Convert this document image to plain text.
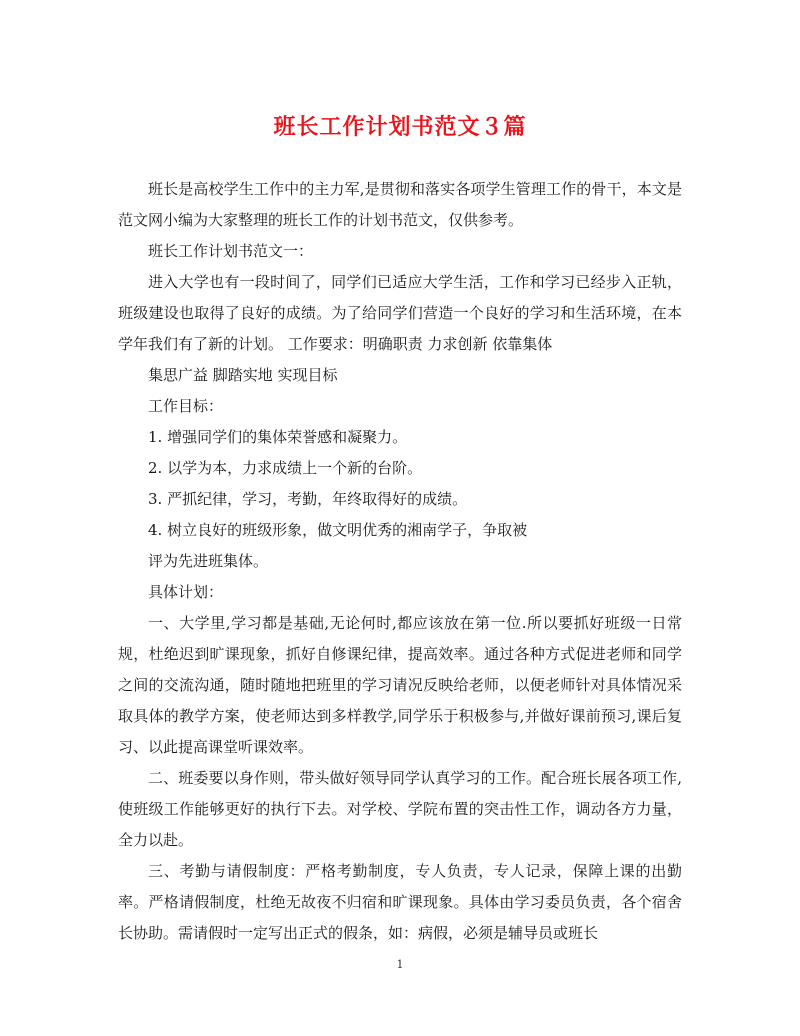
班长工作计划书范文３篇

班长是高校学生工作中的主力军,是贯彻和落实各项学生管理工作的骨干，本文是范文网小编为大家整理的班长工作的计划书范文，仅供参考。

班长工作计划书范文一：

进入大学也有一段时间了，同学们已适应大学生活，工作和学习已经步入正轨，班级建设也取得了良好的成绩。为了给同学们营造一个良好的学习和生活环境，在本学年我们有了新的计划。 工作要求：明确职责 力求创新 依靠集体

集思广益 脚踏实地 实现目标

工作目标：

1. 增强同学们的集体荣誉感和凝聚力。

2. 以学为本，力求成绩上一个新的台阶。

3. 严抓纪律，学习，考勤，年终取得好的成绩。

4. 树立良好的班级形象，做文明优秀的湘南学子，争取被

评为先进班集体。

具体计划：

一、大学里,学习都是基础,无论何时,都应该放在第一位.所以要抓好班级一日常规，杜绝迟到旷课现象，抓好自修课纪律，提高效率。通过各种方式促进老师和同学之间的交流沟通，随时随地把班里的学习请况反映给老师，以便老师针对具体情况采取具体的教学方案，使老师达到多样教学,同学乐于积极参与,并做好课前预习,课后复习、以此提高课堂听课效率。

二、班委要以身作则，带头做好领导同学认真学习的工作。配合班长展各项工作,使班级工作能够更好的执行下去。对学校、学院布置的突击性工作，调动各方力量，全力以赴。

三、考勤与请假制度：严格考勤制度，专人负责，专人记录，保障上课的出勤率。严格请假制度，杜绝无故夜不归宿和旷课现象。具体由学习委员负责，各个宿舍长协助。需请假时一定写出正式的假条，如：病假，必须是辅导员或班长

1
